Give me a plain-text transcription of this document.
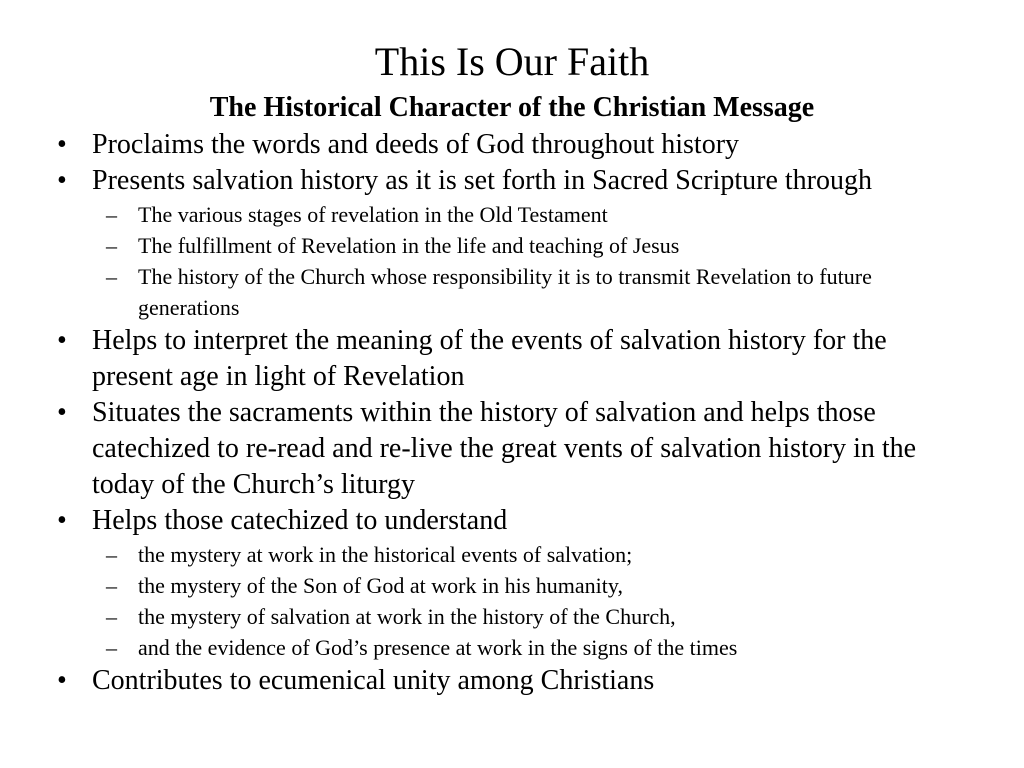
This Is Our Faith
The Historical Character of the Christian Message
• Proclaims the words and deeds of God throughout history
• Presents salvation history as it is set forth in Sacred Scripture through
– The various stages of revelation in the Old Testament
– The fulfillment of Revelation in the life and teaching of Jesus
– The history of the Church whose responsibility it is to transmit Revelation to future generations
• Helps to interpret the meaning of the events of salvation history for the present age in light of Revelation
• Situates the sacraments within the history of salvation and helps those catechized to re-read and re-live the great vents of salvation history in the today of the Church’s liturgy
• Helps those catechized to understand
– the mystery at work in the historical events of salvation;
– the mystery of the Son of God at work in his humanity,
– the mystery of salvation at work in the history of the Church,
– and the evidence of God’s presence at work in the signs of the times
• Contributes to ecumenical unity among Christians
